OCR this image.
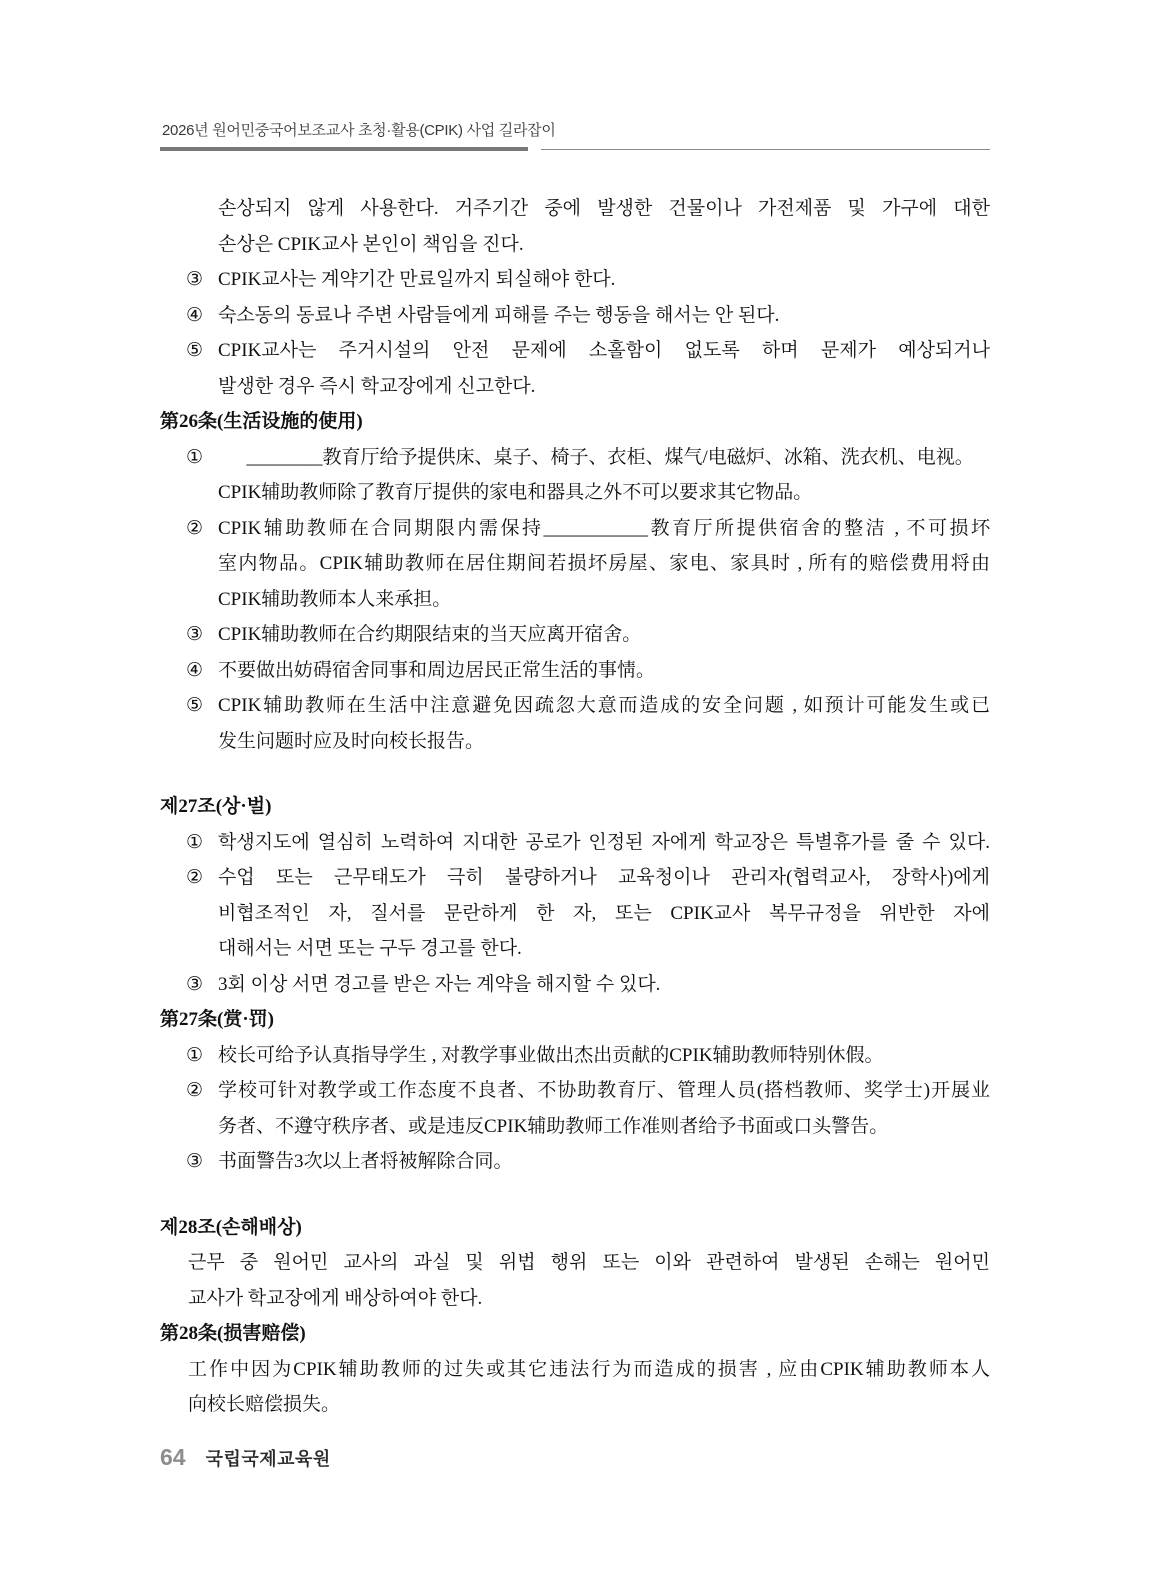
2026년 원어민중국어보조교사 초청·활용(CPIK) 사업 길라잡이
손상되지 않게 사용한다. 거주기간 중에 발생한 건물이나 가전제품 및 가구에 대한
손상은 CPIK교사 본인이 책임을 진다.
③ CPIK교사는 계약기간 만료일까지 퇴실해야 한다.
④ 숙소동의 동료나 주변 사람들에게 피해를 주는 행동을 해서는 안 된다.
⑤ CPIK교사는 주거시설의 안전 문제에 소홀함이 없도록 하며 문제가 예상되거나
발생한 경우 즉시 학교장에게 신고한다.
第26条(生活设施的使用)
① ________教育厅给予提供床、桌子、椅子、衣柜、煤气/电磁炉、冰箱、洗衣机、电视。
CPIK辅助教师除了教育厅提供的家电和器具之外不可以要求其它物品。
② CPIK辅助教师在合同期限内需保持___________教育厅所提供宿舍的整洁 , 不可损坏
室内物品。CPIK辅助教师在居住期间若损坏房屋、家电、家具时 , 所有的赔偿费用将由
CPIK辅助教师本人来承担。
③ CPIK辅助教师在合约期限结束的当天应离开宿舍。
④ 不要做出妨碍宿舍同事和周边居民正常生活的事情。
⑤ CPIK辅助教师在生活中注意避免因疏忽大意而造成的安全问题 , 如预计可能发生或已
发生问题时应及时向校长报告。
제27조(상·벌)
① 학생지도에 열심히 노력하여 지대한 공로가 인정된 자에게 학교장은 특별휴가를 줄 수 있다.
② 수업 또는 근무태도가 극히 불량하거나 교육청이나 관리자(협력교사, 장학사)에게
비협조적인 자, 질서를 문란하게 한 자, 또는 CPIK교사 복무규정을 위반한 자에
대해서는 서면 또는 구두 경고를 한다.
③ 3회 이상 서면 경고를 받은 자는 계약을 해지할 수 있다.
第27条(赏·罚)
① 校长可给予认真指导学生 , 对教学事业做出杰出贡献的CPIK辅助教师特别休假。
② 学校可针对教学或工作态度不良者、不协助教育厅、管理人员(搭档教师、奖学士)开展业
务者、不遵守秩序者、或是违反CPIK辅助教师工作准则者给予书面或口头警告。
③ 书面警告3次以上者将被解除合同。
제28조(손해배상)
근무 중 원어민 교사의 과실 및 위법 행위 또는 이와 관련하여 발생된 손해는 원어민
교사가 학교장에게 배상하여야 한다.
第28条(损害赔偿)
工作中因为CPIK辅助教师的过失或其它违法行为而造成的损害 , 应由CPIK辅助教师本人
向校长赔偿损失。
64 국립국제교육원
